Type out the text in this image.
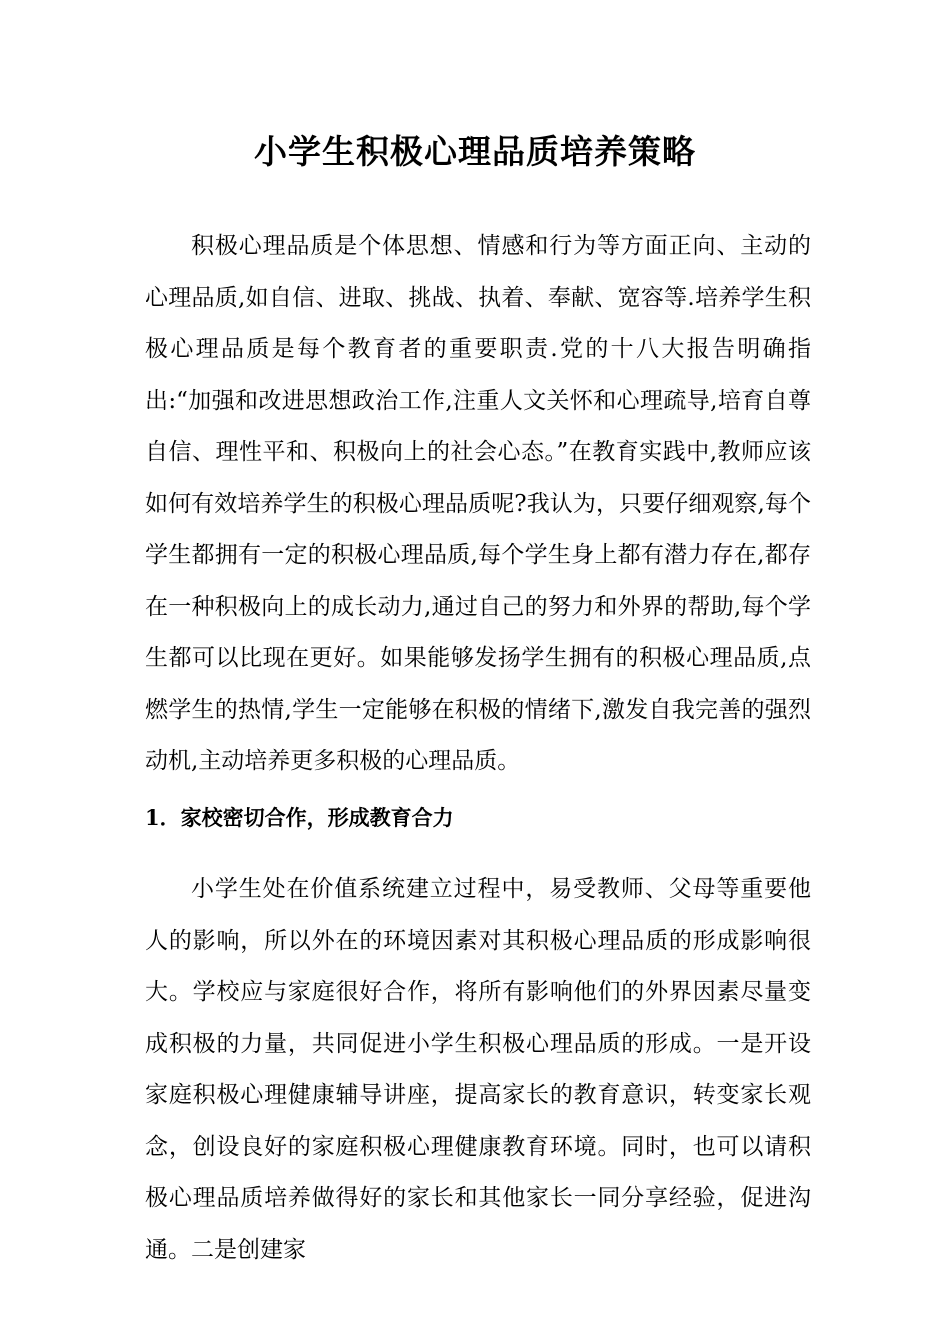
小学生积极心理品质培养策略
积极心理品质是个体思想、情感和行为等方面正向、主动的心理品质,如自信、进取、挑战、执着、奉献、宽容等.培养学生积极心理品质是每个教育者的重要职责.党的十八大报告明确指出:“加强和改进思想政治工作,注重人文关怀和心理疏导,培育自尊自信、理性平和、积极向上的社会心态。”在教育实践中,教师应该如何有效培养学生的积极心理品质呢?我认为，只要仔细观察,每个学生都拥有一定的积极心理品质,每个学生身上都有潜力存在,都存在一种积极向上的成长动力,通过自己的努力和外界的帮助,每个学生都可以比现在更好。如果能够发扬学生拥有的积极心理品质,点燃学生的热情,学生一定能够在积极的情绪下,激发自我完善的强烈动机,主动培养更多积极的心理品质。
1．家校密切合作，形成教育合力
小学生处在价值系统建立过程中，易受教师、父母等重要他人的影响，所以外在的环境因素对其积极心理品质的形成影响很大。学校应与家庭很好合作，将所有影响他们的外界因素尽量变成积极的力量，共同促进小学生积极心理品质的形成。一是开设家庭积极心理健康辅导讲座，提高家长的教育意识，转变家长观念，创设良好的家庭积极心理健康教育环境。同时，也可以请积极心理品质培养做得好的家长和其他家长一同分享经验，促进沟通。二是创建家
